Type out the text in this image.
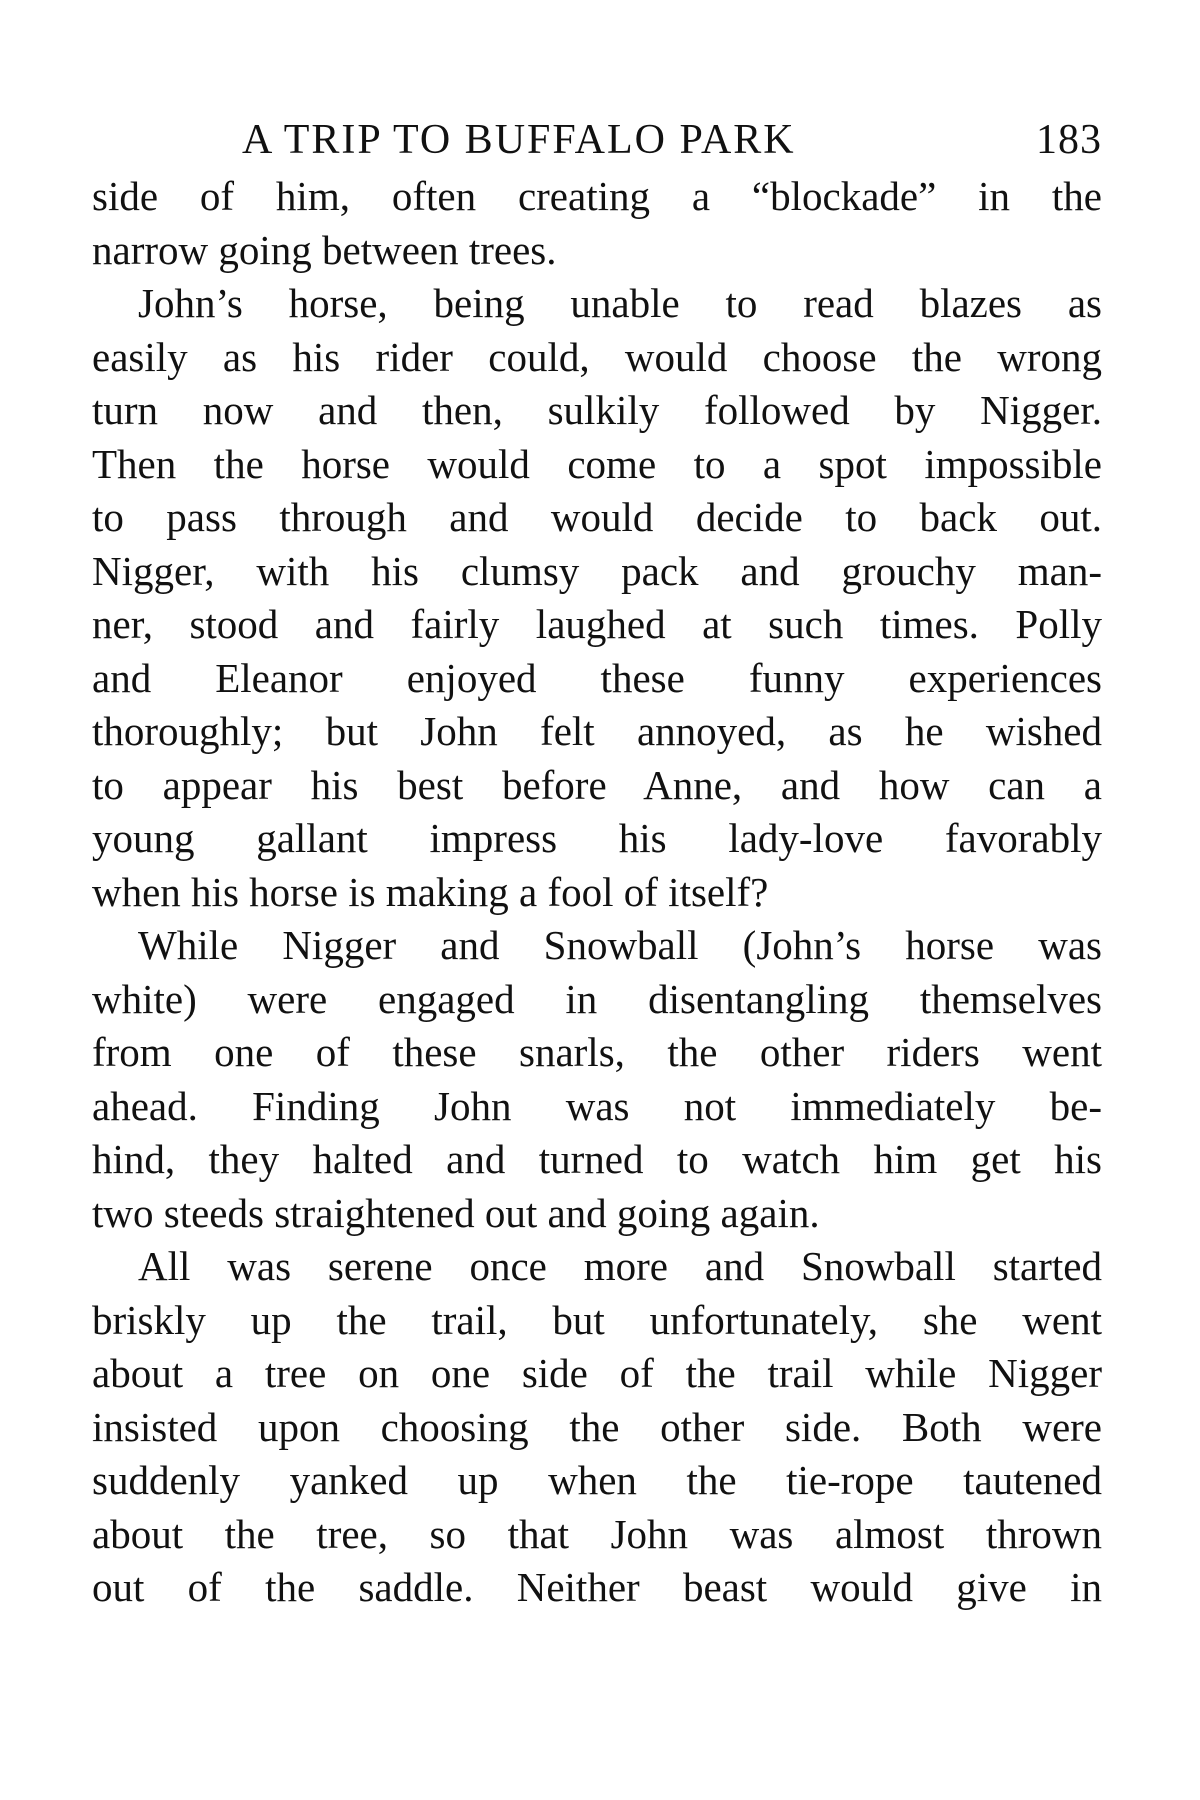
A TRIP TO BUFFALO PARK	183

side of him, often creating a “blockade” in the
narrow going between trees.

John’s horse, being unable to read blazes as
easily as his rider could, would choose the wrong
turn now and then, sulkily followed by Nigger.
Then the horse would come to a spot impossible
to pass through and would decide to back out.
Nigger, with his clumsy pack and grouchy man-
ner, stood and fairly laughed at such times. Polly
and Eleanor enjoyed these funny experiences
thoroughly; but John felt annoyed, as he wished
to appear his best before Anne, and how can a
young gallant impress his lady-love favorably
when his horse is making a fool of itself?

While Nigger and Snowball (John’s horse was
white) were engaged in disentangling themselves
from one of these snarls, the other riders went
ahead. Finding John was not immediately be-
hind, they halted and turned to watch him get his
two steeds straightened out and going again.

All was serene once more and Snowball started
briskly up the trail, but unfortunately, she went
about a tree on one side of the trail while Nigger
insisted upon choosing the other side. Both were
suddenly yanked up when the tie-rope tautened
about the tree, so that John was almost thrown
out of the saddle. Neither beast would give in
